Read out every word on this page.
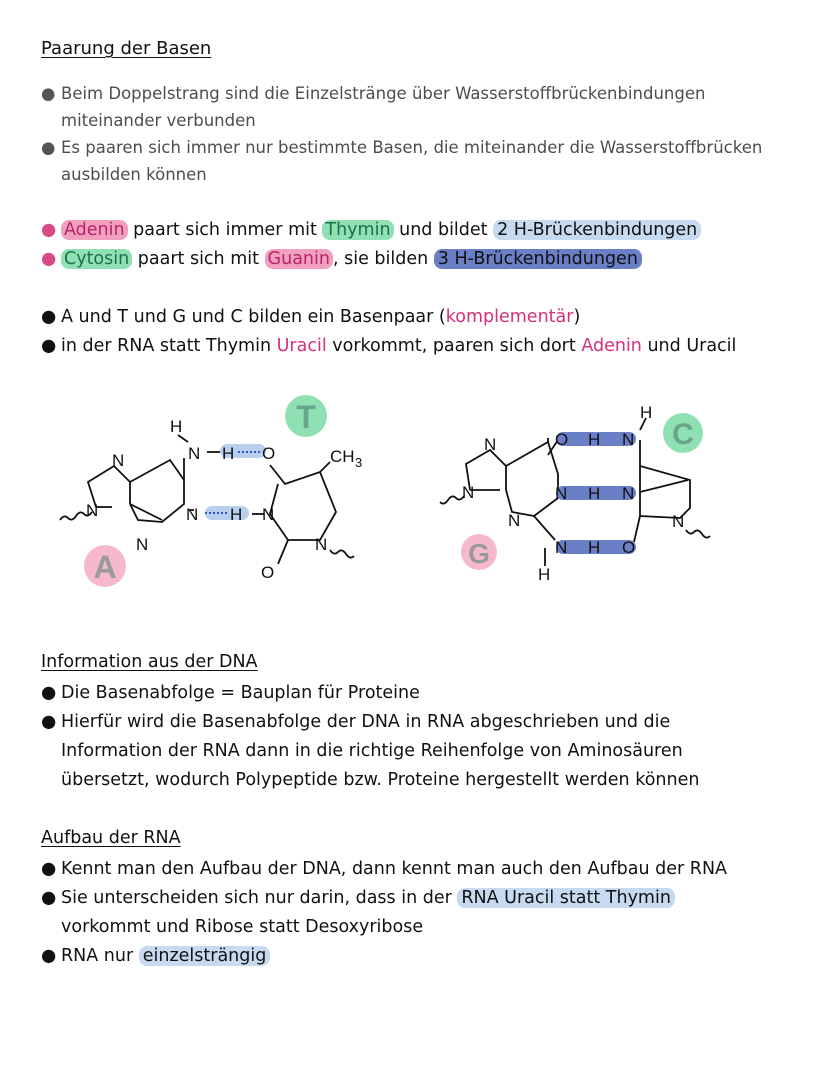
Paarung der Basen
● Beim Doppelstrang sind die Einzelstränge über Wasserstoffbrückenbindungen miteinander verbunden
● Es paaren sich immer nur bestimmte Basen, die miteinander die Wasserstoffbrücken ausbilden können
● Adenin paart sich immer mit Thymin und bildet 2 H-Brückenbindungen
● Cytosin paart sich mit Guanin , sie bilden 3 H-Brückenbindungen
● A und T und G und C bilden ein Basenpaar (komplementär)
● in der RNA statt Thymin Uracil vorkommt, paaren sich dort Adenin und Uracil
H
N H O	CH 3
N
N	N
N
H N
N
O
T
A
N
N
N
O H N
H
N H N
N H O
N
H
C
G
Information aus der DNA
● Die Basenabfolge = Bauplan für Proteine
● Hierfür wird die Basenabfolge der DNA in RNA abgeschrieben und die Information der RNA dann in die richtige Reihenfolge von Aminosäuren übersetzt, wodurch Polypeptide bzw. Proteine hergestellt werden können
Aufbau der RNA
● Kennt man den Aufbau der DNA, dann kennt man auch den Aufbau der RNA
● Sie unterscheiden sich nur darin, dass in der RNA Uracil statt Thymin vorkommt und Ribose statt Desoxyribose
● RNA nur einzelsträngig
